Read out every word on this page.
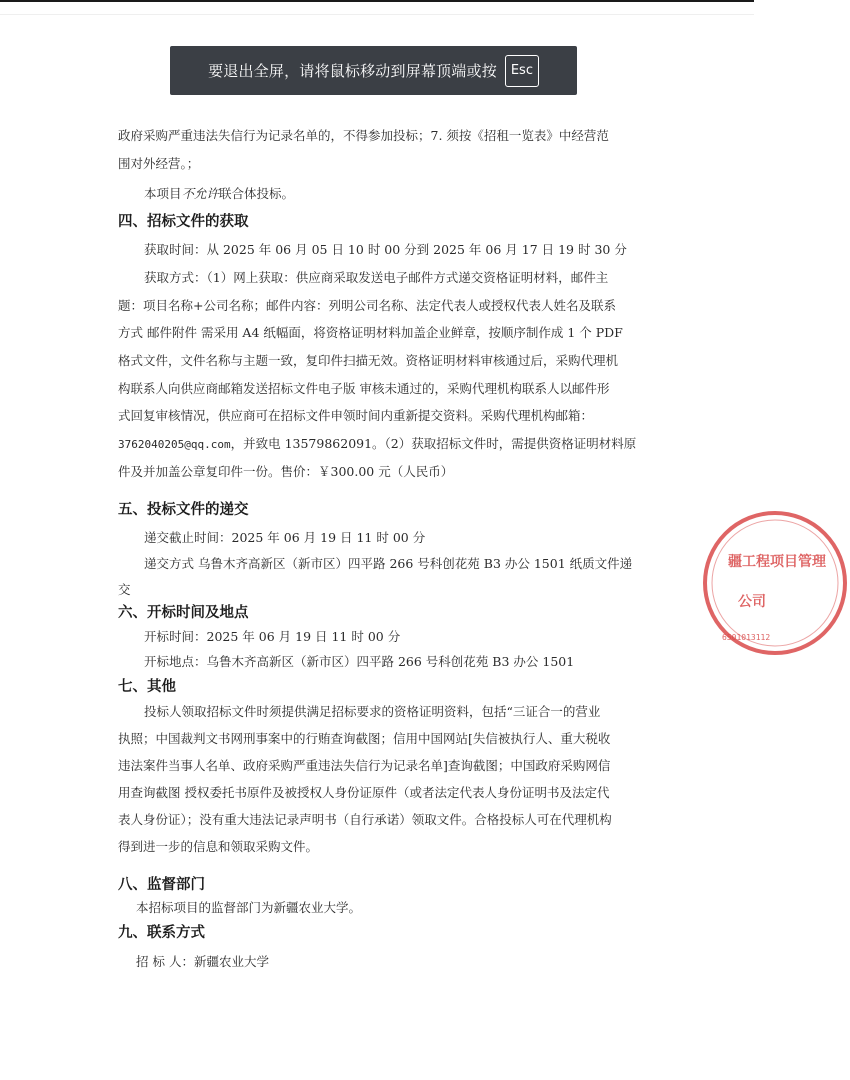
要退出全屏，请将鼠标移动到屏幕顶端或按	Esc
政府采购严重违法失信行为记录名单的，不得参加投标；7. 须按《招租一览表》中经营范
围对外经营。；
本项目不允许联合体投标。
四、招标文件的获取
获取时间：从 2025 年 06 月 05 日 10 时 00 分到 2025 年 06 月 17 日 19 时 30 分
获取方式：（1）网上获取：供应商采取发送电子邮件方式递交资格证明材料，邮件主
题：项目名称+公司名称；邮件内容：列明公司名称、法定代表人或授权代表人姓名及联系
方式 邮件附件 需采用 A4 纸幅面，将资格证明材料加盖企业鲜章，按顺序制作成 1 个 PDF
格式文件，文件名称与主题一致，复印件扫描无效。资格证明材料审核通过后，采购代理机
构联系人向供应商邮箱发送招标文件电子版 审核未通过的，采购代理机构联系人以邮件形
式回复审核情况，供应商可在招标文件申领时间内重新提交资料。采购代理机构邮箱：
3762040205@qq.com，并致电 13579862091。（2）获取招标文件时，需提供资格证明材料原
件及并加盖公章复印件一份。售价：￥300.00 元（人民币）
五、投标文件的递交
递交截止时间：2025 年 06 月 19 日 11 时 00 分
递交方式 乌鲁木齐高新区（新市区）四平路 266 号科创花苑 B3 办公 1501 纸质文件递
交
六、开标时间及地点
开标时间：2025 年 06 月 19 日 11 时 00 分
开标地点：乌鲁木齐高新区（新市区）四平路 266 号科创花苑 B3 办公 1501
七、其他
投标人领取招标文件时须提供满足招标要求的资格证明资料，包括“三证合一的营业
执照；中国裁判文书网刑事案中的行贿查询截图；信用中国网站[失信被执行人、重大税收
违法案件当事人名单、政府采购严重违法失信行为记录名单]查询截图；中国政府采购网信
用查询截图 授权委托书原件及被授权人身份证原件（或者法定代表人身份证明书及法定代
表人身份证）；没有重大违法记录声明书（自行承诺）领取文件。合格投标人可在代理机构
得到进一步的信息和领取采购文件。
八、监督部门
本招标项目的监督部门为新疆农业大学。
九、联系方式
招 标 人：新疆农业大学
疆工程项目管理
公司
6501013112
